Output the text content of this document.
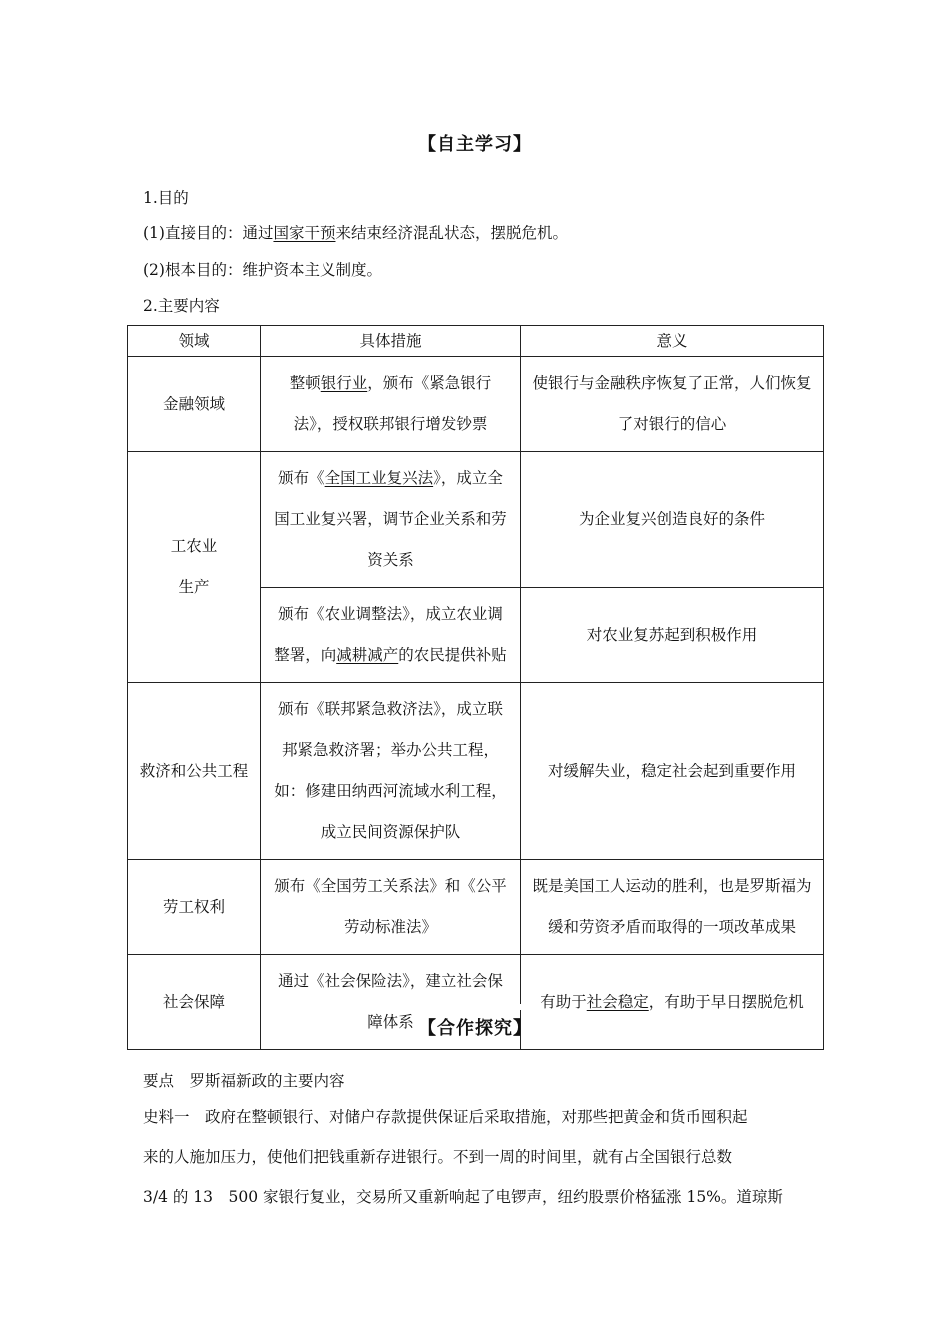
【自主学习】
1.目的
(1)直接目的：通过国家干预来结束经济混乱状态，摆脱危机。
(2)根本目的：维护资本主义制度。
2.主要内容
领域	具体措施	意义
金融领域	整顿银行业，颁布《紧急银行法》，授权联邦银行增发钞票	使银行与金融秩序恢复了正常，人们恢复了对银行的信心
工农业生产	颁布《全国工业复兴法》，成立全国工业复兴署，调节企业关系和劳资关系	为企业复兴创造良好的条件
	颁布《农业调整法》，成立农业调整署，向减耕减产的农民提供补贴	对农业复苏起到积极作用
救济和公共工程	颁布《联邦紧急救济法》，成立联邦紧急救济署；举办公共工程，如：修建田纳西河流域水利工程，成立民间资源保护队	对缓解失业，稳定社会起到重要作用
劳工权利	颁布《全国劳工关系法》和《公平劳动标准法》	既是美国工人运动的胜利，也是罗斯福为缓和劳资矛盾而取得的一项改革成果
社会保障	通过《社会保险法》，建立社会保障体系	有助于社会稳定，有助于早日摆脱危机
【合作探究】
要点　罗斯福新政的主要内容
史料一　政府在整顿银行、对储户存款提供保证后采取措施，对那些把黄金和货币囤积起
来的人施加压力，使他们把钱重新存进银行。不到一周的时间里，就有占全国银行总数
3/4 的 13　500 家银行复业，交易所又重新响起了电锣声，纽约股票价格猛涨 15%。道琼斯
